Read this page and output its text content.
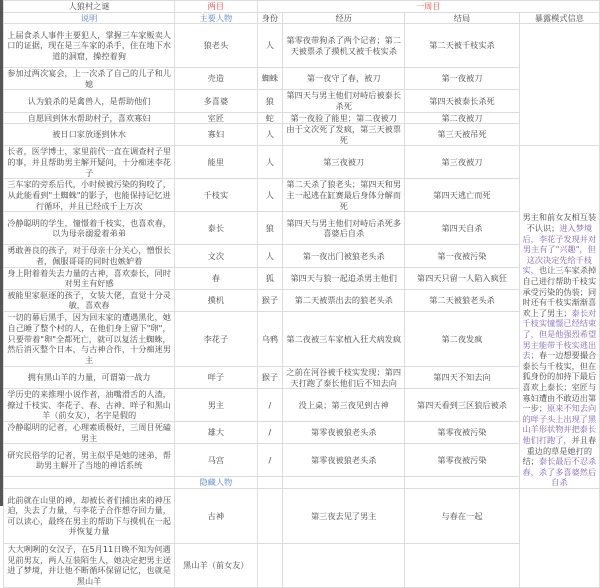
人狼村之谜	两目	一周目			
说明	主要人物	身份	经历	结局	暴露模式信息
上届食杀人事件主要犯人，掌握三车家贩卖人口的证据，现在是三车家的杀手，住在地下水道的洞窟，操控着狗	狼老头	人	第零夜带狗杀了两个记者；第二天被票杀了摸机又被千枝实杀	第二天被千枝实杀	
参加过两次宴会，上一次杀了自己的儿子和儿媳	壳造	蜘蛛	第一夜守了春，被刀	第一夜被刀	
认为狼杀的是禽兽人，是帮助他们	多喜婆	狼	第四天与男主他们对峙后被泰长杀死	第四天被泰长杀死	
自愿回到休水帮助村子，喜欢寡妇	室匠	蛇	第一夜验了能里；第二夜被刀	第二夜被刀	
被日口家放逐到休水	寡妇	人	由于文次死了发疯，第三天被票死	第三天被吊死	
长者，医学博士，家里前代一直在调查村子里的事，并且帮助男主解开疑问，十分痴迷李花子	能里	人	第三夜被刀	第三夜被刀	男主和前女友相互装不认识；进入梦境后，李花子发现并对男主有了"兴趣"，但这次决定先给千枝实，也让三车家杀掉自己进行帮助千枝实承受污染的伪装；同时还有千枝实渐渐喜欢上了男主；泰长对千枝实憧憬已经结束了，但是他强烈希望男主能带千枝实逃出去；春一边想要撮合泰长与千枝实，但在狐身份的加持下最后喜欢上泰长；室匠与寡妇遭由不敢迈出第一步；原来不知去向的咩子头上出现了黑山羊形状物并把泰长他们打跑了，并且春重边的草是她打的结；泰长最后不忍杀春，杀了多喜婆然后自杀
三车家的旁系后代，小时候被污染的狗咬了，从此能看到"土蜘蛛"的影子，也能保持记忆进行循环，并且已经成千上万次	千枝实	人	第二天杀了狼老头；第四天和男主一起逃在缸赛最后身体分解而死	第四天逃亡而死	
冷静聪明的学生，憧憬着千枝实，也喜欢春，以为母亲溺爱着弟弟	泰长	狼	第四天与男主他们对峙后杀死多喜婆后自杀	第四天自杀	
勇敢善良的孩子，对于母亲十分关心，憎恨长者，佩服哥哥的同时也嫉妒着	文次	人	第一夜出门被狼老头杀	第一夜被污染	
身上附着着失去力量的古神，喜欢泰长，同时对男主有好感	春	狐	第四天与狼一起追杀男主他们	第四天只留一人陷入疯狂	
被能里家驱逐的孩子，女装大佬，直觉十分灵敏，喜欢春	摸机	猴子	第二天被票出去的狼老头杀	第二天被狼老头杀	
一切的幕后黑手，因为回末家的遭遇黑化，她自己睡了整个村的人，在他们身上留下"卵"，只要带着"卵"全都死亡，就可以复活土蜘蛛，然后消灭整个日本，与古神合作，十分痴迷男主	李花子	乌鸦	第二夜被三车家植入狂犬病发疯	第二夜发疯	
拥有黑山羊的力量，可谓第一战力	咩子	猴子	之前在河谷被千枝实发现；第四天打跑了泰长他们后不知去向	第四天不知去向	
学历史的来推理小说作者，油嘴滑舌的人渣，撩过千枝实、李花子、春、古神、咩子和黑山羊（前女友），名字是假的	男主	/	没上桌；第三夜见到古神	第四天看到三区狼后被杀	
冷静聪明的记者，心理素质极好，三周目死磕男主	雄大	/	第零夜被狼老头杀	第零夜被污染	
研究民俗学的记者，男主似乎是她的迷弟，帮助男主解开了当地的神话系统	马宫	/	第零夜被狼老头杀	第零夜被污染	
	隐藏人物				
此前就在山里的神，却被长者们捕出来的神压迫，失去了力量，与李花子合作想夺回力量，可以读心，最终在男主的帮助下与摸机在一起并恢复力量	古神		第三夜去见了男主	与春在一起	
大大咧咧的女汉子，在5月11日晚不知为何遇见前男友，两人互装陌生人，她决定把男主送进了梦境，并让他不断循环保留记忆，也就是黑山羊	黑山羊（前女友）				
